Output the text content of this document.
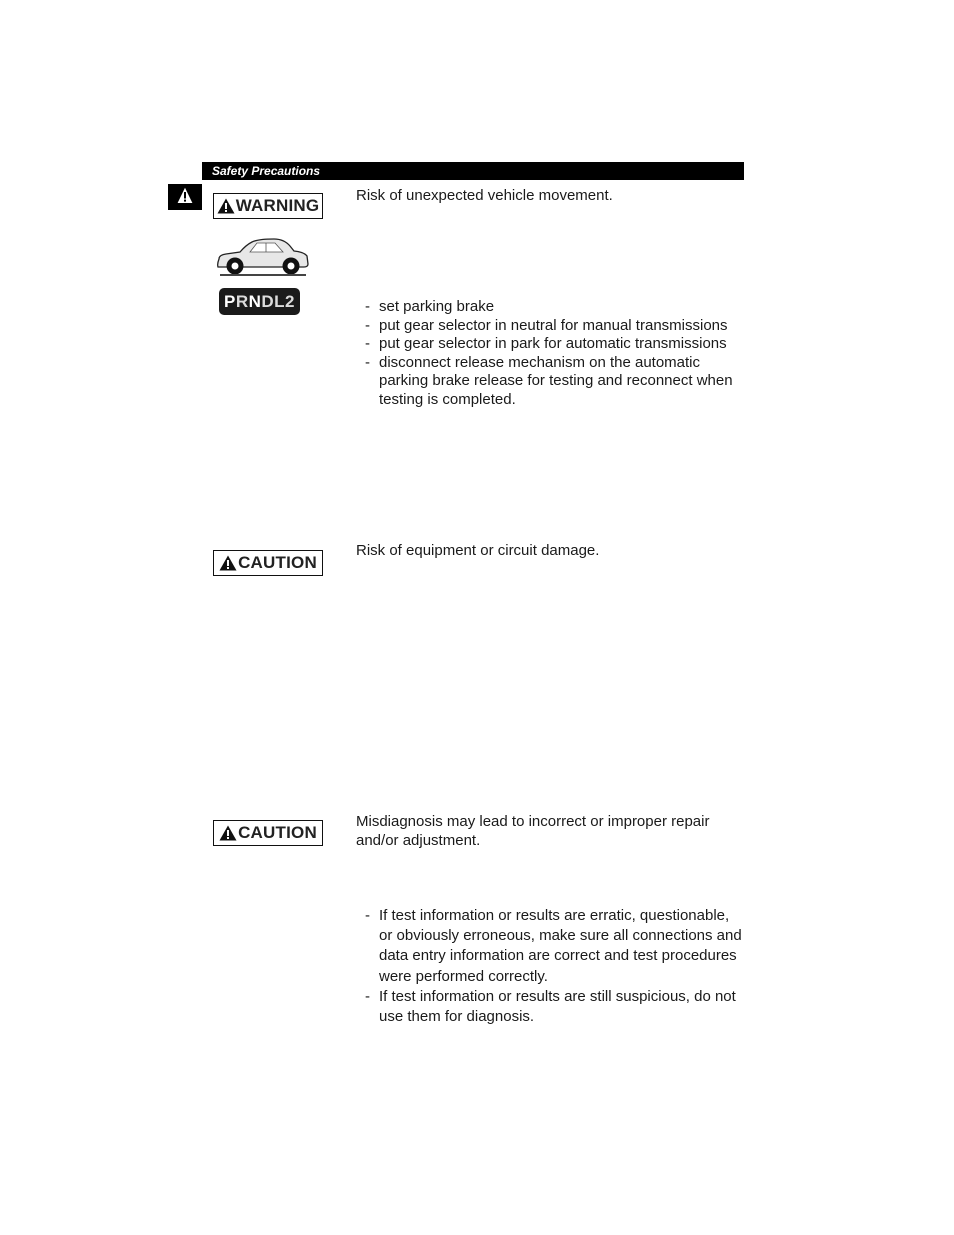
Safety Precautions
WARNING

Risk of unexpected vehicle movement.

P R N D L 2
-	set parking brake
- put gear selector in neutral for manual transmissions
- put gear selector in park for automatic transmissions
- disconnect release mechanism on the automatic parking brake release for testing and reconnect when testing is completed.
CAUTION

Risk of equipment or circuit damage.

CAUTION

Misdiagnosis may lead to incorrect or improper repair and/or adjustment.

- If test information or results are erratic, questionable, or obviously erroneous, make sure all connections and data entry information are correct and test procedures were performed correctly.
- If test information or results are still suspicious, do not use them for diagnosis.
